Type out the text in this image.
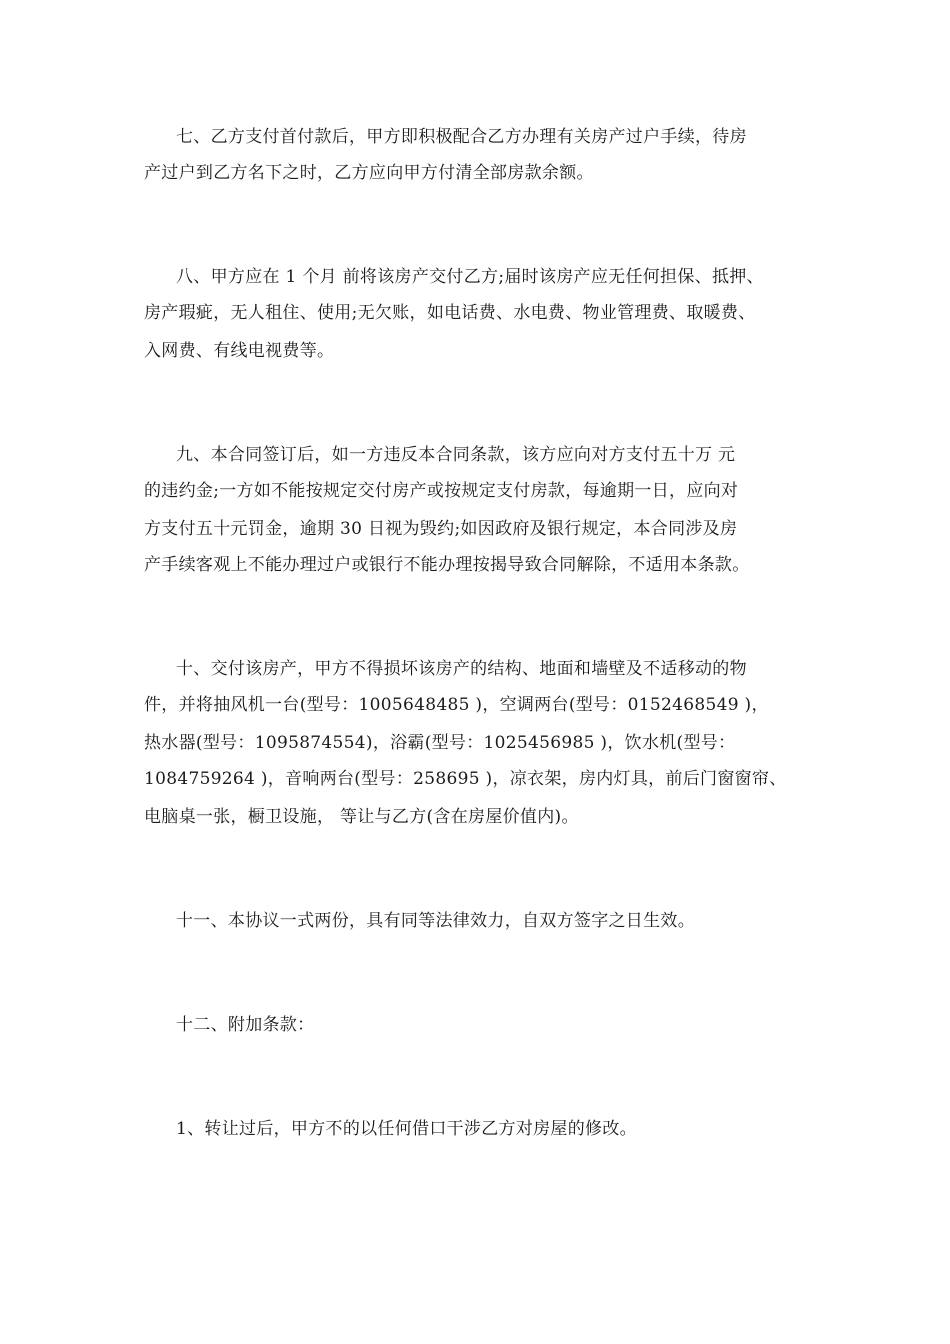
七、乙方支付首付款后，甲方即积极配合乙方办理有关房产过户手续，待房
产过户到乙方名下之时，乙方应向甲方付清全部房款余额。
八、甲方应在 1 个月 前将该房产交付乙方;届时该房产应无任何担保、抵押、
房产瑕疵，无人租住、使用;无欠账，如电话费、水电费、物业管理费、取暖费、
入网费、有线电视费等。
九、本合同签订后，如一方违反本合同条款，该方应向对方支付五十万 元
的违约金;一方如不能按规定交付房产或按规定支付房款，每逾期一日，应向对
方支付五十元罚金，逾期 30 日视为毁约;如因政府及银行规定，本合同涉及房
产手续客观上不能办理过户或银行不能办理按揭导致合同解除，不适用本条款。
十、交付该房产，甲方不得损坏该房产的结构、地面和墙壁及不适移动的物
件，并将抽风机一台(型号：1005648485 )，空调两台(型号：0152468549 )，
热水器(型号：1095874554)，浴霸(型号：1025456985 )，饮水机(型号：
1084759264 )，音响两台(型号：258695 )，凉衣架，房内灯具，前后门窗窗帘、
电脑桌一张，橱卫设施， 等让与乙方(含在房屋价值内)。
十一、本协议一式两份，具有同等法律效力，自双方签字之日生效。
十二、附加条款：
1、转让过后，甲方不的以任何借口干涉乙方对房屋的修改。
